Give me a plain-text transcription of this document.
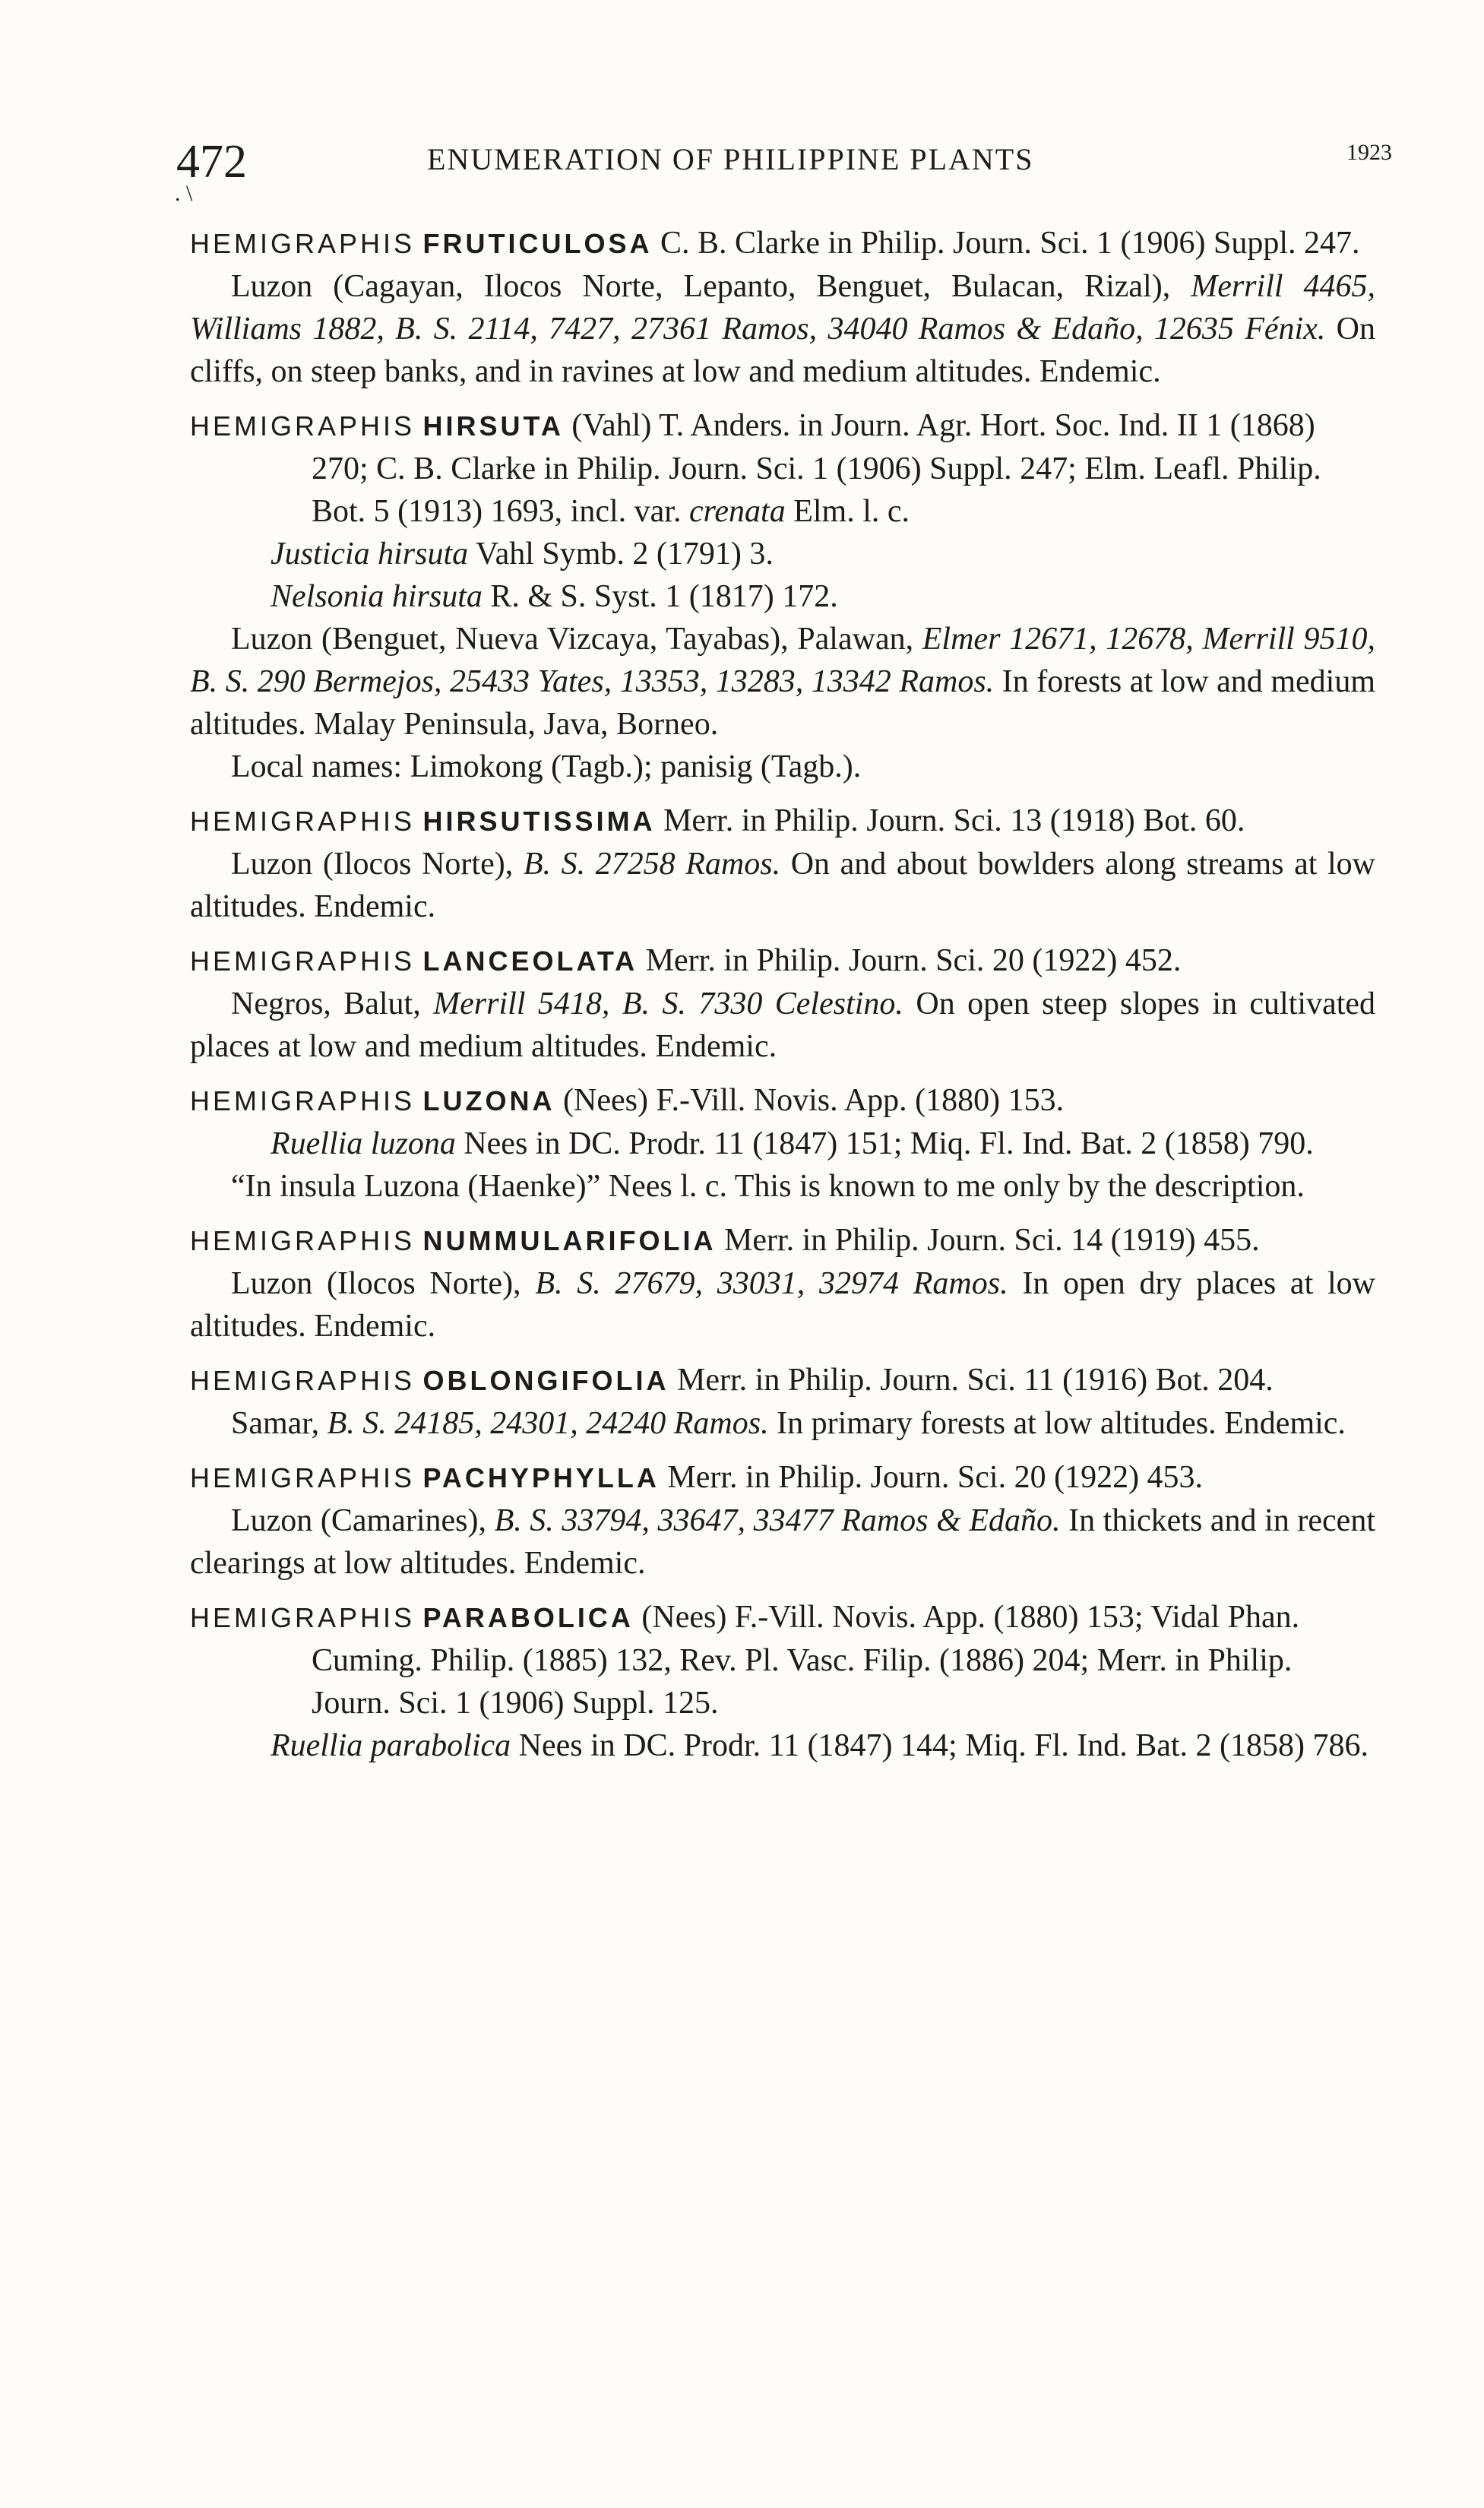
472	ENUMERATION OF PHILIPPINE PLANTS	1923
. \
HEMIGRAPHIS FRUTICULOSA C. B. Clarke in Philip. Journ. Sci. 1 (1906) Suppl. 247.
Luzon (Cagayan, Ilocos Norte, Lepanto, Benguet, Bulacan, Rizal), Merrill 4465, Williams 1882, B. S. 2114, 7427, 27361 Ramos, 34040 Ramos & Edaño, 12635 Fénix. On cliffs, on steep banks, and in ravines at low and medium altitudes. Endemic.
HEMIGRAPHIS HIRSUTA (Vahl) T. Anders. in Journ. Agr. Hort. Soc. Ind. II 1 (1868) 270; C. B. Clarke in Philip. Journ. Sci. 1 (1906) Suppl. 247; Elm. Leafl. Philip. Bot. 5 (1913) 1693, incl. var. crenata Elm. l. c.
Justicia hirsuta Vahl Symb. 2 (1791) 3.
Nelsonia hirsuta R. & S. Syst. 1 (1817) 172.
Luzon (Benguet, Nueva Vizcaya, Tayabas), Palawan, Elmer 12671, 12678, Merrill 9510, B. S. 290 Bermejos, 25433 Yates, 13353, 13283, 13342 Ramos. In forests at low and medium altitudes. Malay Peninsula, Java, Borneo.
Local names: Limokong (Tagb.); panisig (Tagb.).
HEMIGRAPHIS HIRSUTISSIMA Merr. in Philip. Journ. Sci. 13 (1918) Bot. 60.
Luzon (Ilocos Norte), B. S. 27258 Ramos. On and about bowlders along streams at low altitudes. Endemic.
HEMIGRAPHIS LANCEOLATA Merr. in Philip. Journ. Sci. 20 (1922) 452.
Negros, Balut, Merrill 5418, B. S. 7330 Celestino. On open steep slopes in cultivated places at low and medium altitudes. Endemic.
HEMIGRAPHIS LUZONA (Nees) F.-Vill. Novis. App. (1880) 153.
Ruellia luzona Nees in DC. Prodr. 11 (1847) 151; Miq. Fl. Ind. Bat. 2 (1858) 790.
“In insula Luzona (Haenke)” Nees l. c. This is known to me only by the description.
HEMIGRAPHIS NUMMULARIFOLIA Merr. in Philip. Journ. Sci. 14 (1919) 455.
Luzon (Ilocos Norte), B. S. 27679, 33031, 32974 Ramos. In open dry places at low altitudes. Endemic.
HEMIGRAPHIS OBLONGIFOLIA Merr. in Philip. Journ. Sci. 11 (1916) Bot. 204.
Samar, B. S. 24185, 24301, 24240 Ramos. In primary forests at low altitudes. Endemic.
HEMIGRAPHIS PACHYPHYLLA Merr. in Philip. Journ. Sci. 20 (1922) 453.
Luzon (Camarines), B. S. 33794, 33647, 33477 Ramos & Edaño. In thickets and in recent clearings at low altitudes. Endemic.
HEMIGRAPHIS PARABOLICA (Nees) F.-Vill. Novis. App. (1880) 153; Vidal Phan. Cuming. Philip. (1885) 132, Rev. Pl. Vasc. Filip. (1886) 204; Merr. in Philip. Journ. Sci. 1 (1906) Suppl. 125.
Ruellia parabolica Nees in DC. Prodr. 11 (1847) 144; Miq. Fl. Ind. Bat. 2 (1858) 786.
